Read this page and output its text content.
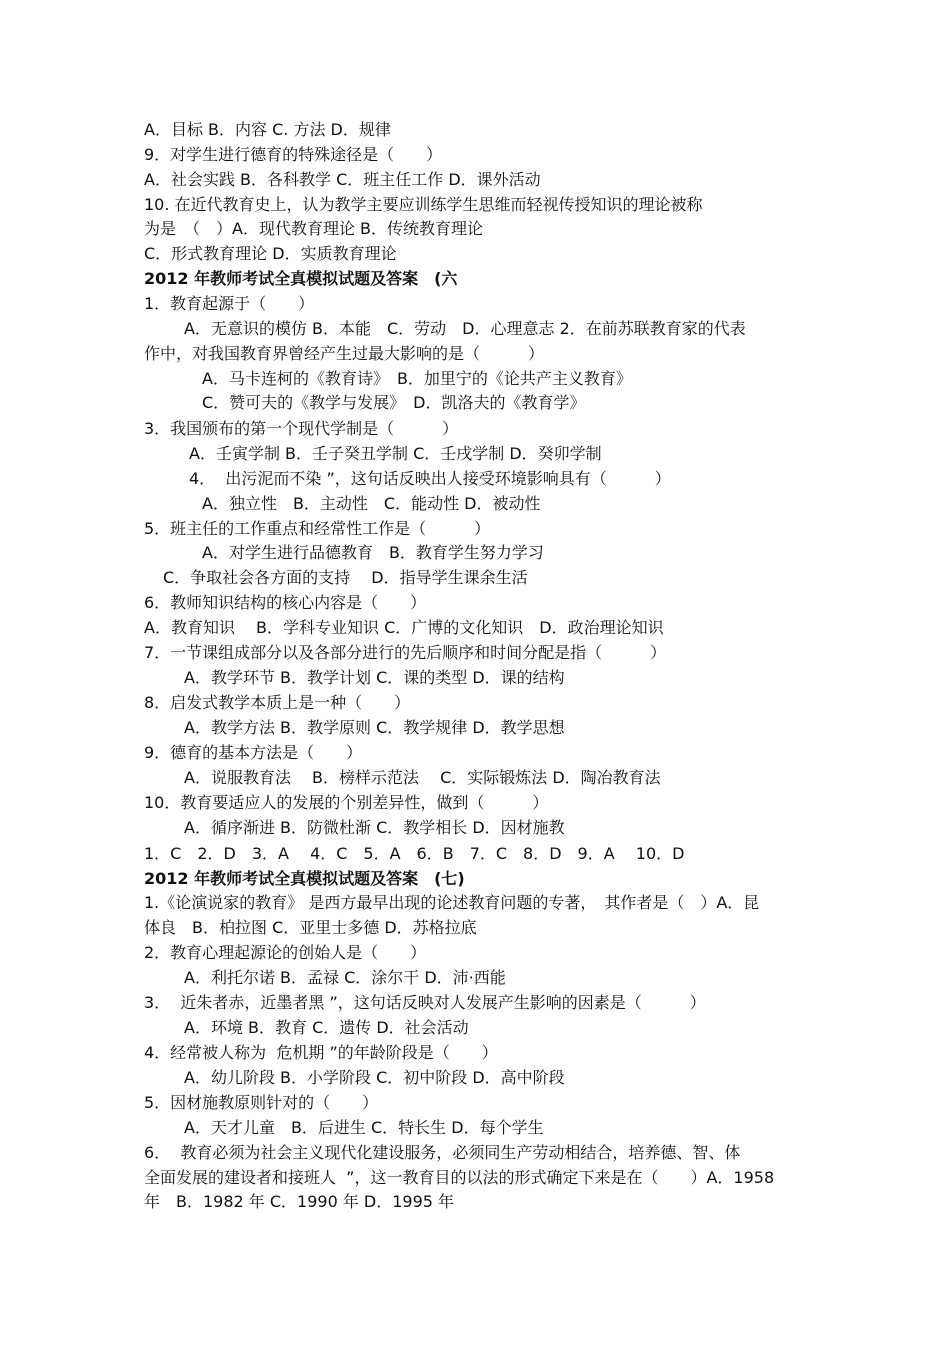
A．目标 B．内容 C. 方法 D．规律
9．对学生进行德育的特殊途径是（　　）
A．社会实践 B．各科教学 C．班主任工作 D．课外活动
10. 在近代教育史上，认为教学主要应训练学生思维而轻视传授知识的理论被称
为是　（　）A．现代教育理论 B．传统教育理论
C．形式教育理论 D．实质教育理论
2012 年教师考试全真模拟试题及答案　(六
1．教育起源于（　　）
A．无意识的模仿 B．本能　C．劳动　D．心理意志 2．在前苏联教育家的代表
作中，对我国教育界曾经产生过最大影响的是（　　　）
A．马卡连柯的《教育诗》　B．加里宁的《论共产主义教育》
C．赞可夫的《教学与发展》　D．凯洛夫的《教育学》
3．我国颁布的第一个现代学制是（　　　）
A．壬寅学制 B．壬子癸丑学制 C．壬戌学制 D．癸卯学制
4．  出污泥而不染 ”，这句话反映出人接受环境影响具有（　　　）
A．独立性　B．主动性　C．能动性 D．被动性
5．班主任的工作重点和经常性工作是（　　　）
A．对学生进行品德教育　B．教育学生努力学习
C．争取社会各方面的支持　 D．指导学生课余生活
6．教师知识结构的核心内容是（　　）
A．教育知识　 B．学科专业知识 C．广博的文化知识　D．政治理论知识
7．一节课组成部分以及各部分进行的先后顺序和时间分配是指（　　　）
A．教学环节 B．教学计划 C．课的类型 D．课的结构
8．启发式教学本质上是一种（　　）
A．教学方法 B．教学原则 C．教学规律 D．教学思想
9．德育的基本方法是（　　）
A．说服教育法　 B．榜样示范法　 C．实际锻炼法 D．陶冶教育法
10．教育要适应人的发展的个别差异性，做到（　　　）
A．循序渐进 B．防微杜渐 C．教学相长 D．因材施教
1．C　2．D　3．A　 4．C　5．A　6．B　7．C　8．D　9．A　 10．D
2012 年教师考试全真模拟试题及答案　(七)
1.《论演说家的教育》 是西方最早出现的论述教育问题的专著，　其作者是（　）A．昆
体良　B．柏拉图 C．亚里士多德 D．苏格拉底
2．教育心理起源论的创始人是（　　）
A．利托尔诺 B．孟禄 C．涂尔干 D．沛·西能
3．  近朱者赤，近墨者黑 ”，这句话反映对人发展产生影响的因素是（　　　）
A．环境 B．教育 C．遗传 D．社会活动
4．经常被人称为  危机期 ”的年龄阶段是（　　）
A．幼儿阶段 B．小学阶段 C．初中阶段 D．高中阶段
5．因材施教原则针对的（　　）
A．天才儿童　B．后进生 C．特长生 D．每个学生
6．  教育必须为社会主义现代化建设服务，必须同生产劳动相结合，培养德、智、体
全面发展的建设者和接班人  ”，这一教育目的以法的形式确定下来是在（　　）A．1958
年　B．1982 年 C．1990 年 D．1995 年
